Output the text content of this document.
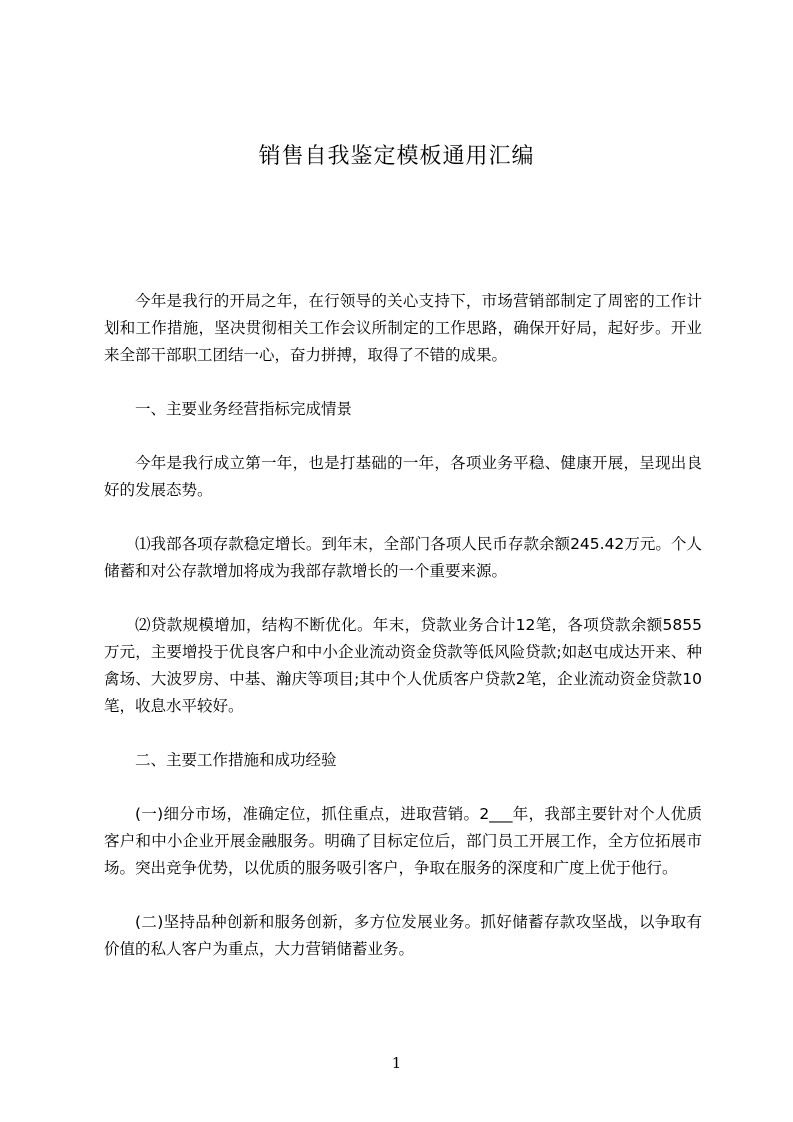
销售自我鉴定模板通用汇编

今年是我行的开局之年，在行领导的关心支持下，市场营销部制定了周密的工作计划和工作措施，坚决贯彻相关工作会议所制定的工作思路，确保开好局，起好步。开业来全部干部职工团结一心，奋力拼搏，取得了不错的成果。

一、主要业务经营指标完成情景

今年是我行成立第一年，也是打基础的一年，各项业务平稳、健康开展，呈现出良好的发展态势。

⑴我部各项存款稳定增长。到年末，全部门各项人民币存款余额245.42万元。个人储蓄和对公存款增加将成为我部存款增长的一个重要来源。

⑵贷款规模增加，结构不断优化。年末，贷款业务合计12笔，各项贷款余额5855万元，主要增投于优良客户和中小企业流动资金贷款等低风险贷款;如赵屯成达开来、种禽场、大波罗房、中基、瀚庆等项目;其中个人优质客户贷款2笔，企业流动资金贷款10笔，收息水平较好。

二、主要工作措施和成功经验

(一)细分市场，准确定位，抓住重点，进取营销。2___年，我部主要针对个人优质客户和中小企业开展金融服务。明确了目标定位后，部门员工开展工作，全方位拓展市场。突出竞争优势，以优质的服务吸引客户，争取在服务的深度和广度上优于他行。

(二)坚持品种创新和服务创新，多方位发展业务。抓好储蓄存款攻坚战，以争取有价值的私人客户为重点，大力营销储蓄业务。

1
